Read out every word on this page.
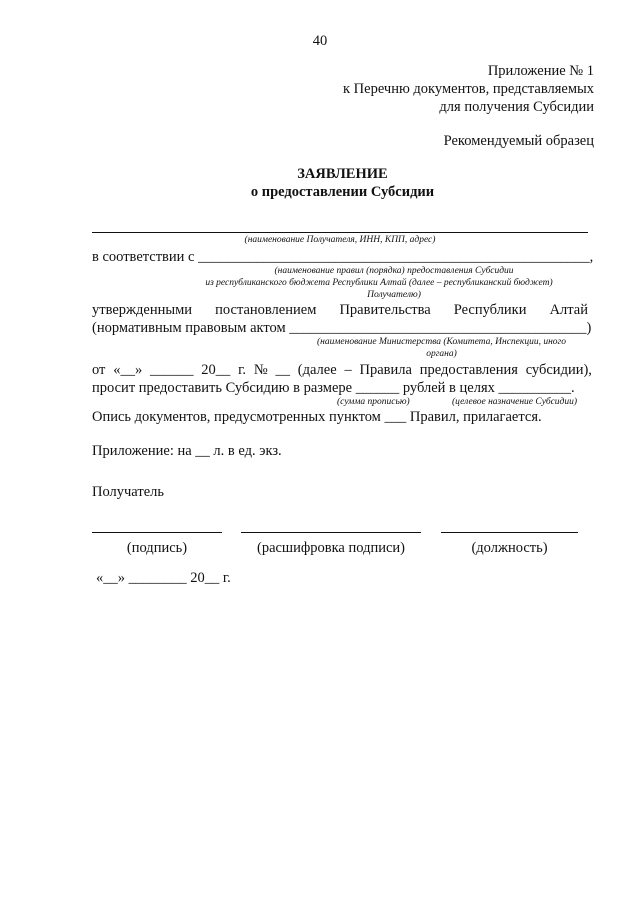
40
Приложение № 1
к Перечню документов, представляемых
для получения Субсидии
Рекомендуемый образец
ЗАЯВЛЕНИЕ
о предоставлении Субсидии
(наименование Получателя, ИНН, КПП, адрес)
в соответствии с ______________________________________________________,
(наименование правил (порядка) предоставления Субсидии
из республиканского бюджета Республики Алтай (далее – республиканский бюджет)
Получателю)
утвержденными постановлением Правительства Республики Алтай
(нормативным правовым актом _________________________________________)
(наименование Министерства (Комитета, Инспекции, иного
органа)
от «__» ______ 20__ г. № __ (далее – Правила предоставления субсидии),
просит предоставить Субсидию в размере ______ рублей в целях __________.
(сумма прописью)	(целевое назначение Субсидии)
Опись документов, предусмотренных пунктом ___ Правил, прилагается.
Приложение: на __ л. в ед. экз.
Получатель
(подпись)	(расшифровка подписи)	(должность)
«__» ________ 20__ г.
